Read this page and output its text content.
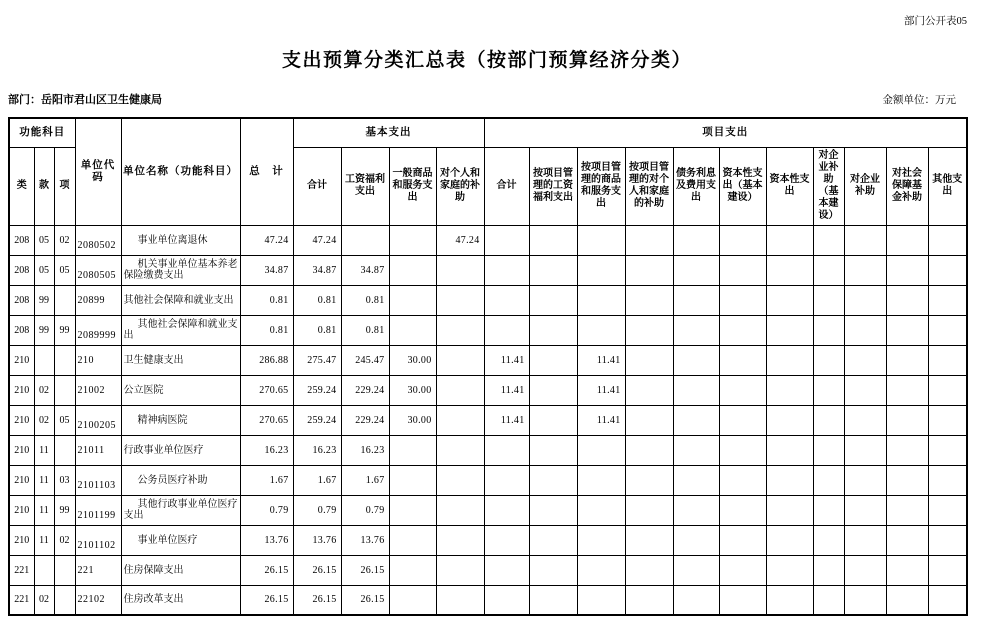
部门公开表05
支出预算分类汇总表（按部门预算经济分类）
部门：岳阳市君山区卫生健康局	金额单位：万元
功能科目			单位代码	单位名称（功能科目）	总　计	基本支出				项目支出										
类	款	项				合计	工资福利支出	一般商品和服务支出	对个人和家庭的补助	合计	按项目管理的工资福利支出	按项目管理的商品和服务支出	按项目管理的对个人和家庭的补助	债务利息及费用支出	资本性支出（基本建设）	资本性支出	对企业补助（基本建设）	对企业补助	对社会保障基金补助	其他支出
208	05	02	2080502	事业单位离退休	47.24	47.24			47.24											
208	05	05	2080505	机关事业单位基本养老保险缴费支出	34.87	34.87	34.87													
208	99		20899	其他社会保障和就业支出	0.81	0.81	0.81													
208	99	99	2089999	其他社会保障和就业支出	0.81	0.81	0.81													
210			210	卫生健康支出	286.88	275.47	245.47	30.00		11.41		11.41								
210	02		21002	公立医院	270.65	259.24	229.24	30.00		11.41		11.41								
210	02	05	2100205	精神病医院	270.65	259.24	229.24	30.00		11.41		11.41								
210	11		21011	行政事业单位医疗	16.23	16.23	16.23													
210	11	03	2101103	公务员医疗补助	1.67	1.67	1.67													
210	11	99	2101199	其他行政事业单位医疗支出	0.79	0.79	0.79													
210	11	02	2101102	事业单位医疗	13.76	13.76	13.76													
221			221	住房保障支出	26.15	26.15	26.15													
221	02		22102	住房改革支出	26.15	26.15	26.15													
